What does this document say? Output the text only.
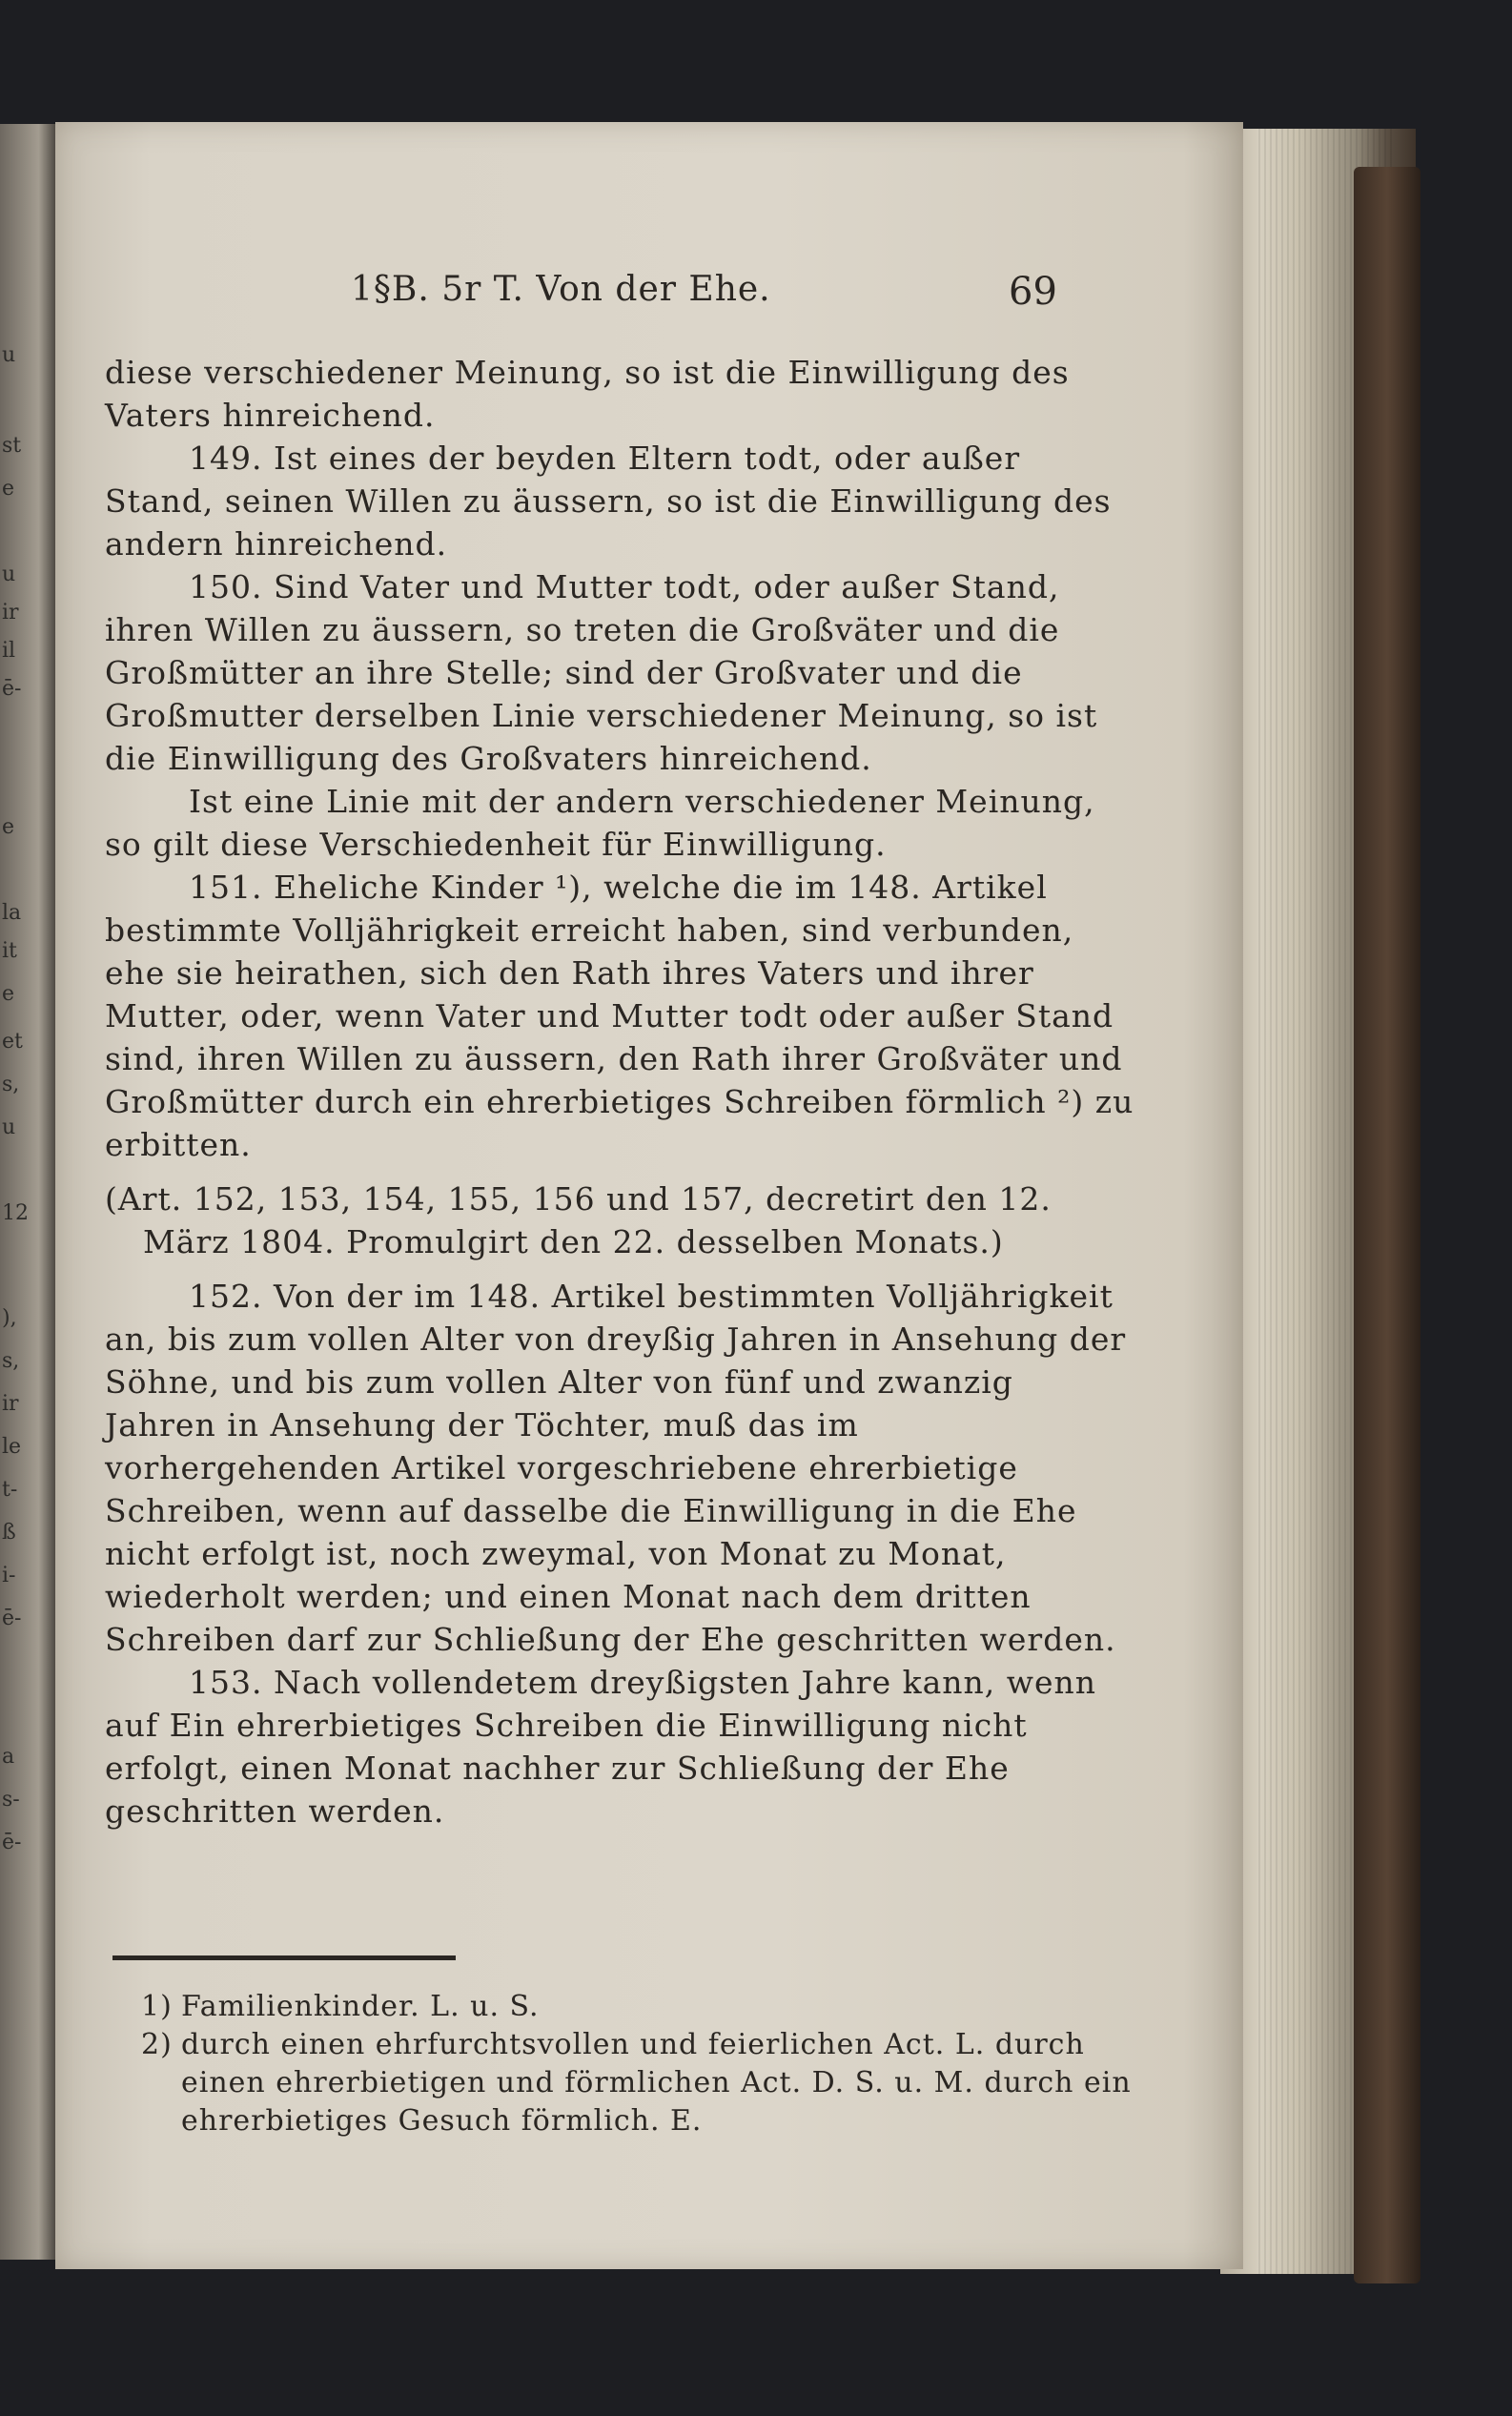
u
st
e
u
ir
il
ē-
e
la
it
e
et
s,
u
12
),
s,
ir
le
t-
ß
i-
ē-
a
s-
ē-
1§B. 5r T. Von der Ehe.	69

diese verschiedener Meinung, so ist die Einwilligung des Vaters hinreichend.

149. Ist eines der beyden Eltern todt, oder außer Stand, seinen Willen zu äussern, so ist die Einwilligung des andern hinreichend.

150. Sind Vater und Mutter todt, oder außer Stand, ihren Willen zu äussern, so treten die Großväter und die Großmütter an ihre Stelle; sind der Großvater und die Großmutter derselben Linie verschiedener Meinung, so ist die Einwilligung des Großvaters hinreichend.

Ist eine Linie mit der andern verschiedener Meinung, so gilt diese Verschiedenheit für Einwilligung.

151. Eheliche Kinder ¹), welche die im 148. Artikel bestimmte Volljährigkeit erreicht haben, sind verbunden, ehe sie heirathen, sich den Rath ihres Vaters und ihrer Mutter, oder, wenn Vater und Mutter todt oder außer Stand sind, ihren Willen zu äussern, den Rath ihrer Großväter und Großmütter durch ein ehrerbietiges Schreiben förmlich ²) zu erbitten.

(Art. 152, 153, 154, 155, 156 und 157, decretirt den 12. März 1804. Promulgirt den 22. desselben Monats.)

152. Von der im 148. Artikel bestimmten Volljährigkeit an, bis zum vollen Alter von dreyßig Jahren in Ansehung der Söhne, und bis zum vollen Alter von fünf und zwanzig Jahren in Ansehung der Töchter, muß das im vorhergehenden Artikel vorgeschriebene ehrerbietige Schreiben, wenn auf dasselbe die Einwilligung in die Ehe nicht erfolgt ist, noch zweymal, von Monat zu Monat, wiederholt werden; und einen Monat nach dem dritten Schreiben darf zur Schließung der Ehe geschritten werden.

153. Nach vollendetem dreyßigsten Jahre kann, wenn auf Ein ehrerbietiges Schreiben die Einwilligung nicht erfolgt, einen Monat nachher zur Schließung der Ehe geschritten werden.

1) Familienkinder. L. u. S.
2) durch einen ehrfurchtsvollen und feierlichen Act. L. durch einen ehrerbietigen und förmlichen Act. D. S. u. M. durch ein ehrerbietiges Gesuch förmlich. E.
